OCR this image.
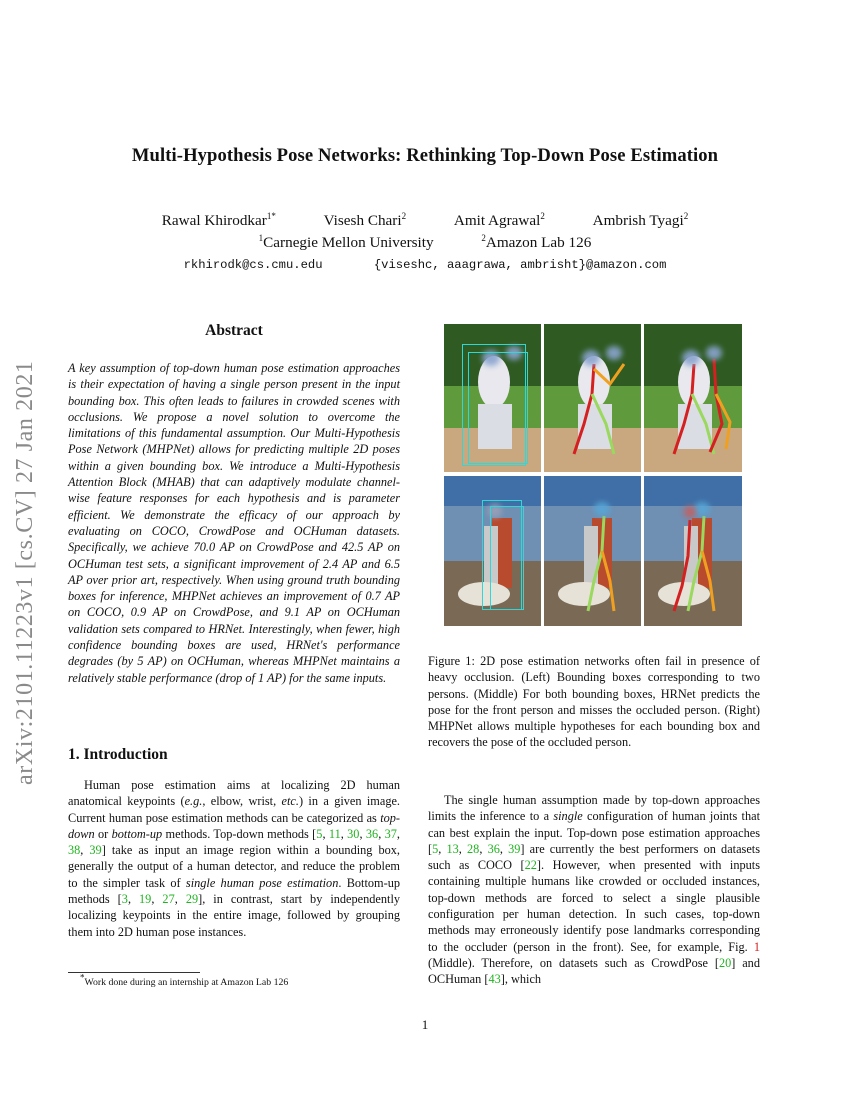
Multi-Hypothesis Pose Networks: Rethinking Top-Down Pose Estimation
Rawal Khirodkar$^{1*}$	Visesh Chari$^2$	Amit Agrawal$^2$	Ambrish Tyagi$^2$
$^1$Carnegie Mellon University	$^2$Amazon Lab 126
rkhirodk@cs.cmu.edu	{viseshc, aaagrawa, ambrisht}@amazon.com
arXiv:2101.11223v1 [cs.CV] 27 Jan 2021
Abstract
A key assumption of top-down human pose estimation approaches is their expectation of having a single person present in the input bounding box. This often leads to failures in crowded scenes with occlusions. We propose a novel solution to overcome the limitations of this fundamental assumption. Our Multi-Hypothesis Pose Network (MHPNet) allows for predicting multiple 2D poses within a given bounding box. We introduce a Multi-Hypothesis Attention Block (MHAB) that can adaptively modulate channel-wise feature responses for each hypothesis and is parameter efficient. We demonstrate the efficacy of our approach by evaluating on COCO, CrowdPose and OCHuman datasets. Specifically, we achieve 70.0 AP on CrowdPose and 42.5 AP on OCHuman test sets, a significant improvement of 2.4 AP and 6.5 AP over prior art, respectively. When using ground truth bounding boxes for inference, MHPNet achieves an improvement of 0.7 AP on COCO, 0.9 AP on CrowdPose, and 9.1 AP on OCHuman validation sets compared to HRNet. Interestingly, when fewer, high confidence bounding boxes are used, HRNet's performance degrades (by 5 AP) on OCHuman, whereas MHPNet maintains a relatively stable performance (drop of 1 AP) for the same inputs.
1. Introduction
Human pose estimation aims at localizing 2D human anatomical keypoints (e.g., elbow, wrist, etc.) in a given image. Current human pose estimation methods can be categorized as top-down or bottom-up methods. Top-down methods [5, 11, 30, 36, 37, 38, 39] take as input an image region within a bounding box, generally the output of a human detector, and reduce the problem to the simpler task of single human pose estimation. Bottom-up methods [3, 19, 27, 29], in contrast, start by independently localizing keypoints in the entire image, followed by grouping them into 2D human pose instances.
*Work done during an internship at Amazon Lab 126
Figure 1: 2D pose estimation networks often fail in presence of heavy occlusion. (Left) Bounding boxes corresponding to two persons. (Middle) For both bounding boxes, HRNet predicts the pose for the front person and misses the occluded person. (Right) MHPNet allows multiple hypotheses for each bounding box and recovers the pose of the occluded person.
The single human assumption made by top-down approaches limits the inference to a single configuration of human joints that can best explain the input. Top-down pose estimation approaches [5, 13, 28, 36, 39] are currently the best performers on datasets such as COCO [22]. However, when presented with inputs containing multiple humans like crowded or occluded instances, top-down methods are forced to select a single plausible configuration per human detection. In such cases, top-down methods may erroneously identify pose landmarks corresponding to the occluder (person in the front). See, for example, Fig. 1 (Middle). Therefore, on datasets such as CrowdPose [20] and OCHuman [43], which
1
